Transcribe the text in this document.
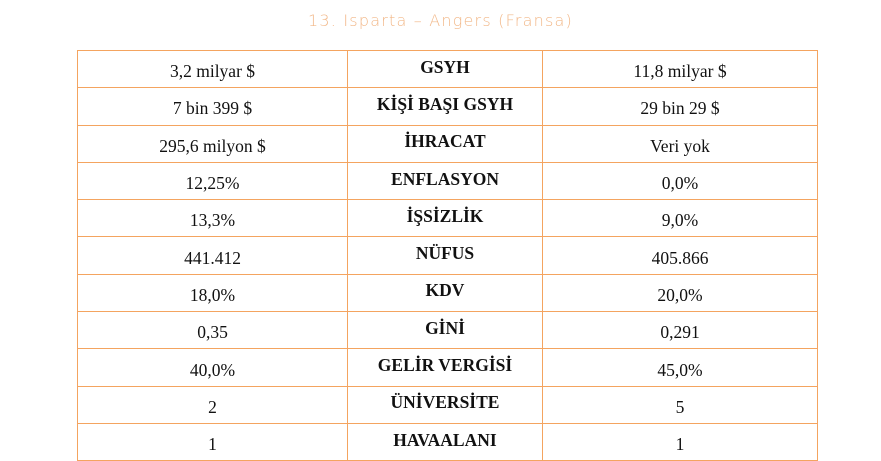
13. Isparta – Angers (Fransa)
3,2 milyar $	GSYH	11,8 milyar $
7 bin 399 $	KİŞİ BAŞI GSYH	29 bin 29 $
295,6 milyon $	İHRACAT	Veri yok
12,25%	ENFLASYON	0,0%
13,3%	İŞSİZLİK	9,0%
441.412	NÜFUS	405.866
18,0%	KDV	20,0%
0,35	GİNİ	0,291
40,0%	GELİR VERGİSİ	45,0%
2	ÜNİVERSİTE	5
1	HAVAALANI	1
